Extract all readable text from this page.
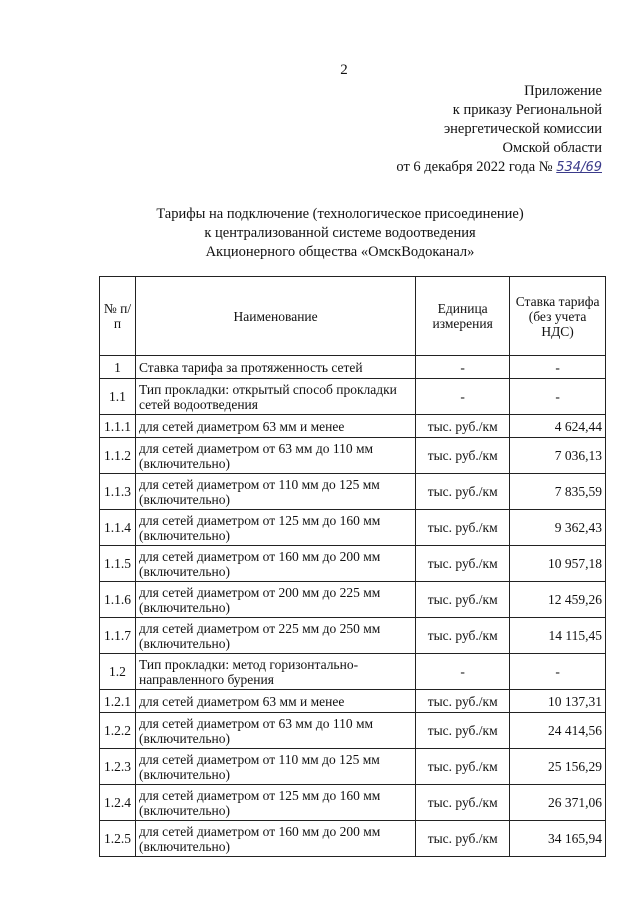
2
Приложение
к приказу Региональной
энергетической комиссии
Омской области
от 6 декабря 2022 года № 534/69
Тарифы на подключение (технологическое присоединение)
к централизованной системе водоотведения
Акционерного общества «ОмскВодоканал»
№ п/п	Наименование	Единица измерения	Ставка тарифа (без учета НДС)
1	Ставка тарифа за протяженность сетей	-	-
1.1	Тип прокладки: открытый способ прокладки сетей водоотведения	-	-
1.1.1	для сетей диаметром 63 мм и менее	тыс. руб./км	4 624,44
1.1.2	для сетей диаметром от 63 мм до 110 мм (включительно)	тыс. руб./км	7 036,13
1.1.3	для сетей диаметром от 110 мм до 125 мм (включительно)	тыс. руб./км	7 835,59
1.1.4	для сетей диаметром от 125 мм до 160 мм (включительно)	тыс. руб./км	9 362,43
1.1.5	для сетей диаметром от 160 мм до 200 мм (включительно)	тыс. руб./км	10 957,18
1.1.6	для сетей диаметром от 200 мм до 225 мм (включительно)	тыс. руб./км	12 459,26
1.1.7	для сетей диаметром от 225 мм до 250 мм (включительно)	тыс. руб./км	14 115,45
1.2	Тип прокладки: метод горизонтально-направленного бурения	-	-
1.2.1	для сетей диаметром 63 мм и менее	тыс. руб./км	10 137,31
1.2.2	для сетей диаметром от 63 мм до 110 мм (включительно)	тыс. руб./км	24 414,56
1.2.3	для сетей диаметром от 110 мм до 125 мм (включительно)	тыс. руб./км	25 156,29
1.2.4	для сетей диаметром от 125 мм до 160 мм (включительно)	тыс. руб./км	26 371,06
1.2.5	для сетей диаметром от 160 мм до 200 мм (включительно)	тыс. руб./км	34 165,94
